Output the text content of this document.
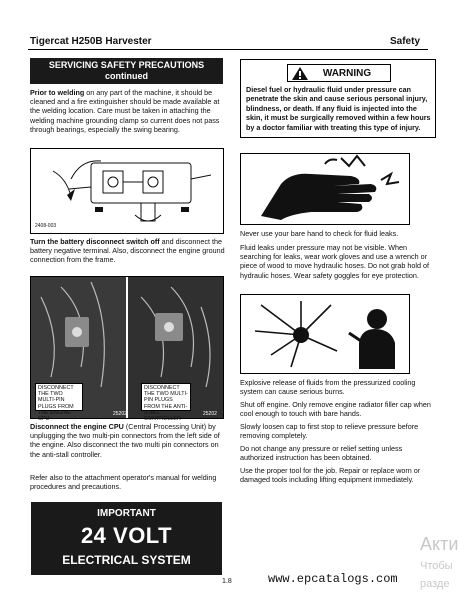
Tigercat H250B Harvester	Safety
SERVICING SAFETY PRECAUTIONS
continued
Prior to welding on any part of the machine, it should be cleaned and a fire extinguisher should be made available at the welding location. Care must be taken in attaching the welding machine grounding clamp so current does not pass through bearings, especially the swing bearing.
2408-003
Turn the battery disconnect switch off and disconnect the battery negative terminal. Also, disconnect the engine ground connection from the frame.
DISCONNECT THE TWO MULTI-PIN PLUGS FROM THE ENGINE CPU
DISCONNECT THE TWO MULTI-PIN PLUGS FROM THE ANTI-STALL CONTROLLER
25202	25202
Disconnect the engine CPU (Central Processing Unit) by unplugging the two multi-pin connectors from the left side of the engine. Also disconnect the two multi pin connectors on the anti-stall controller.
Refer also to the attachment operator's manual for welding procedures and precautions.
IMPORTANT
24 VOLT
ELECTRICAL SYSTEM
WARNING
Diesel fuel or hydraulic fluid under pressure can penetrate the skin and cause serious personal injury, blindness, or death. If any fluid is injected into the skin, it must be surgically removed within a few hours by a doctor familiar with treating this type of injury.
Never use your bare hand to check for fluid leaks.
Fluid leaks under pressure may not be visible. When searching for leaks, wear work gloves and use a wrench or piece of wood to move hydraulic hoses. Do not grab hold of hydraulic hoses. Wear safety goggles for eye protection.
Explosive release of fluids from the pressurized cooling system can cause serious burns.
Shut off engine. Only remove engine radiator filler cap when cool enough to touch with bare hands.
Slowly loosen cap to first stop to relieve pressure before removing completely.
Do not change any pressure or relief setting unless authorized instruction has been obtained.
Use the proper tool for the job. Repair or replace worn or damaged tools including lifting equipment immediately.
1.8	www.epcatalogs.com
Акти
Чтобы
разде
